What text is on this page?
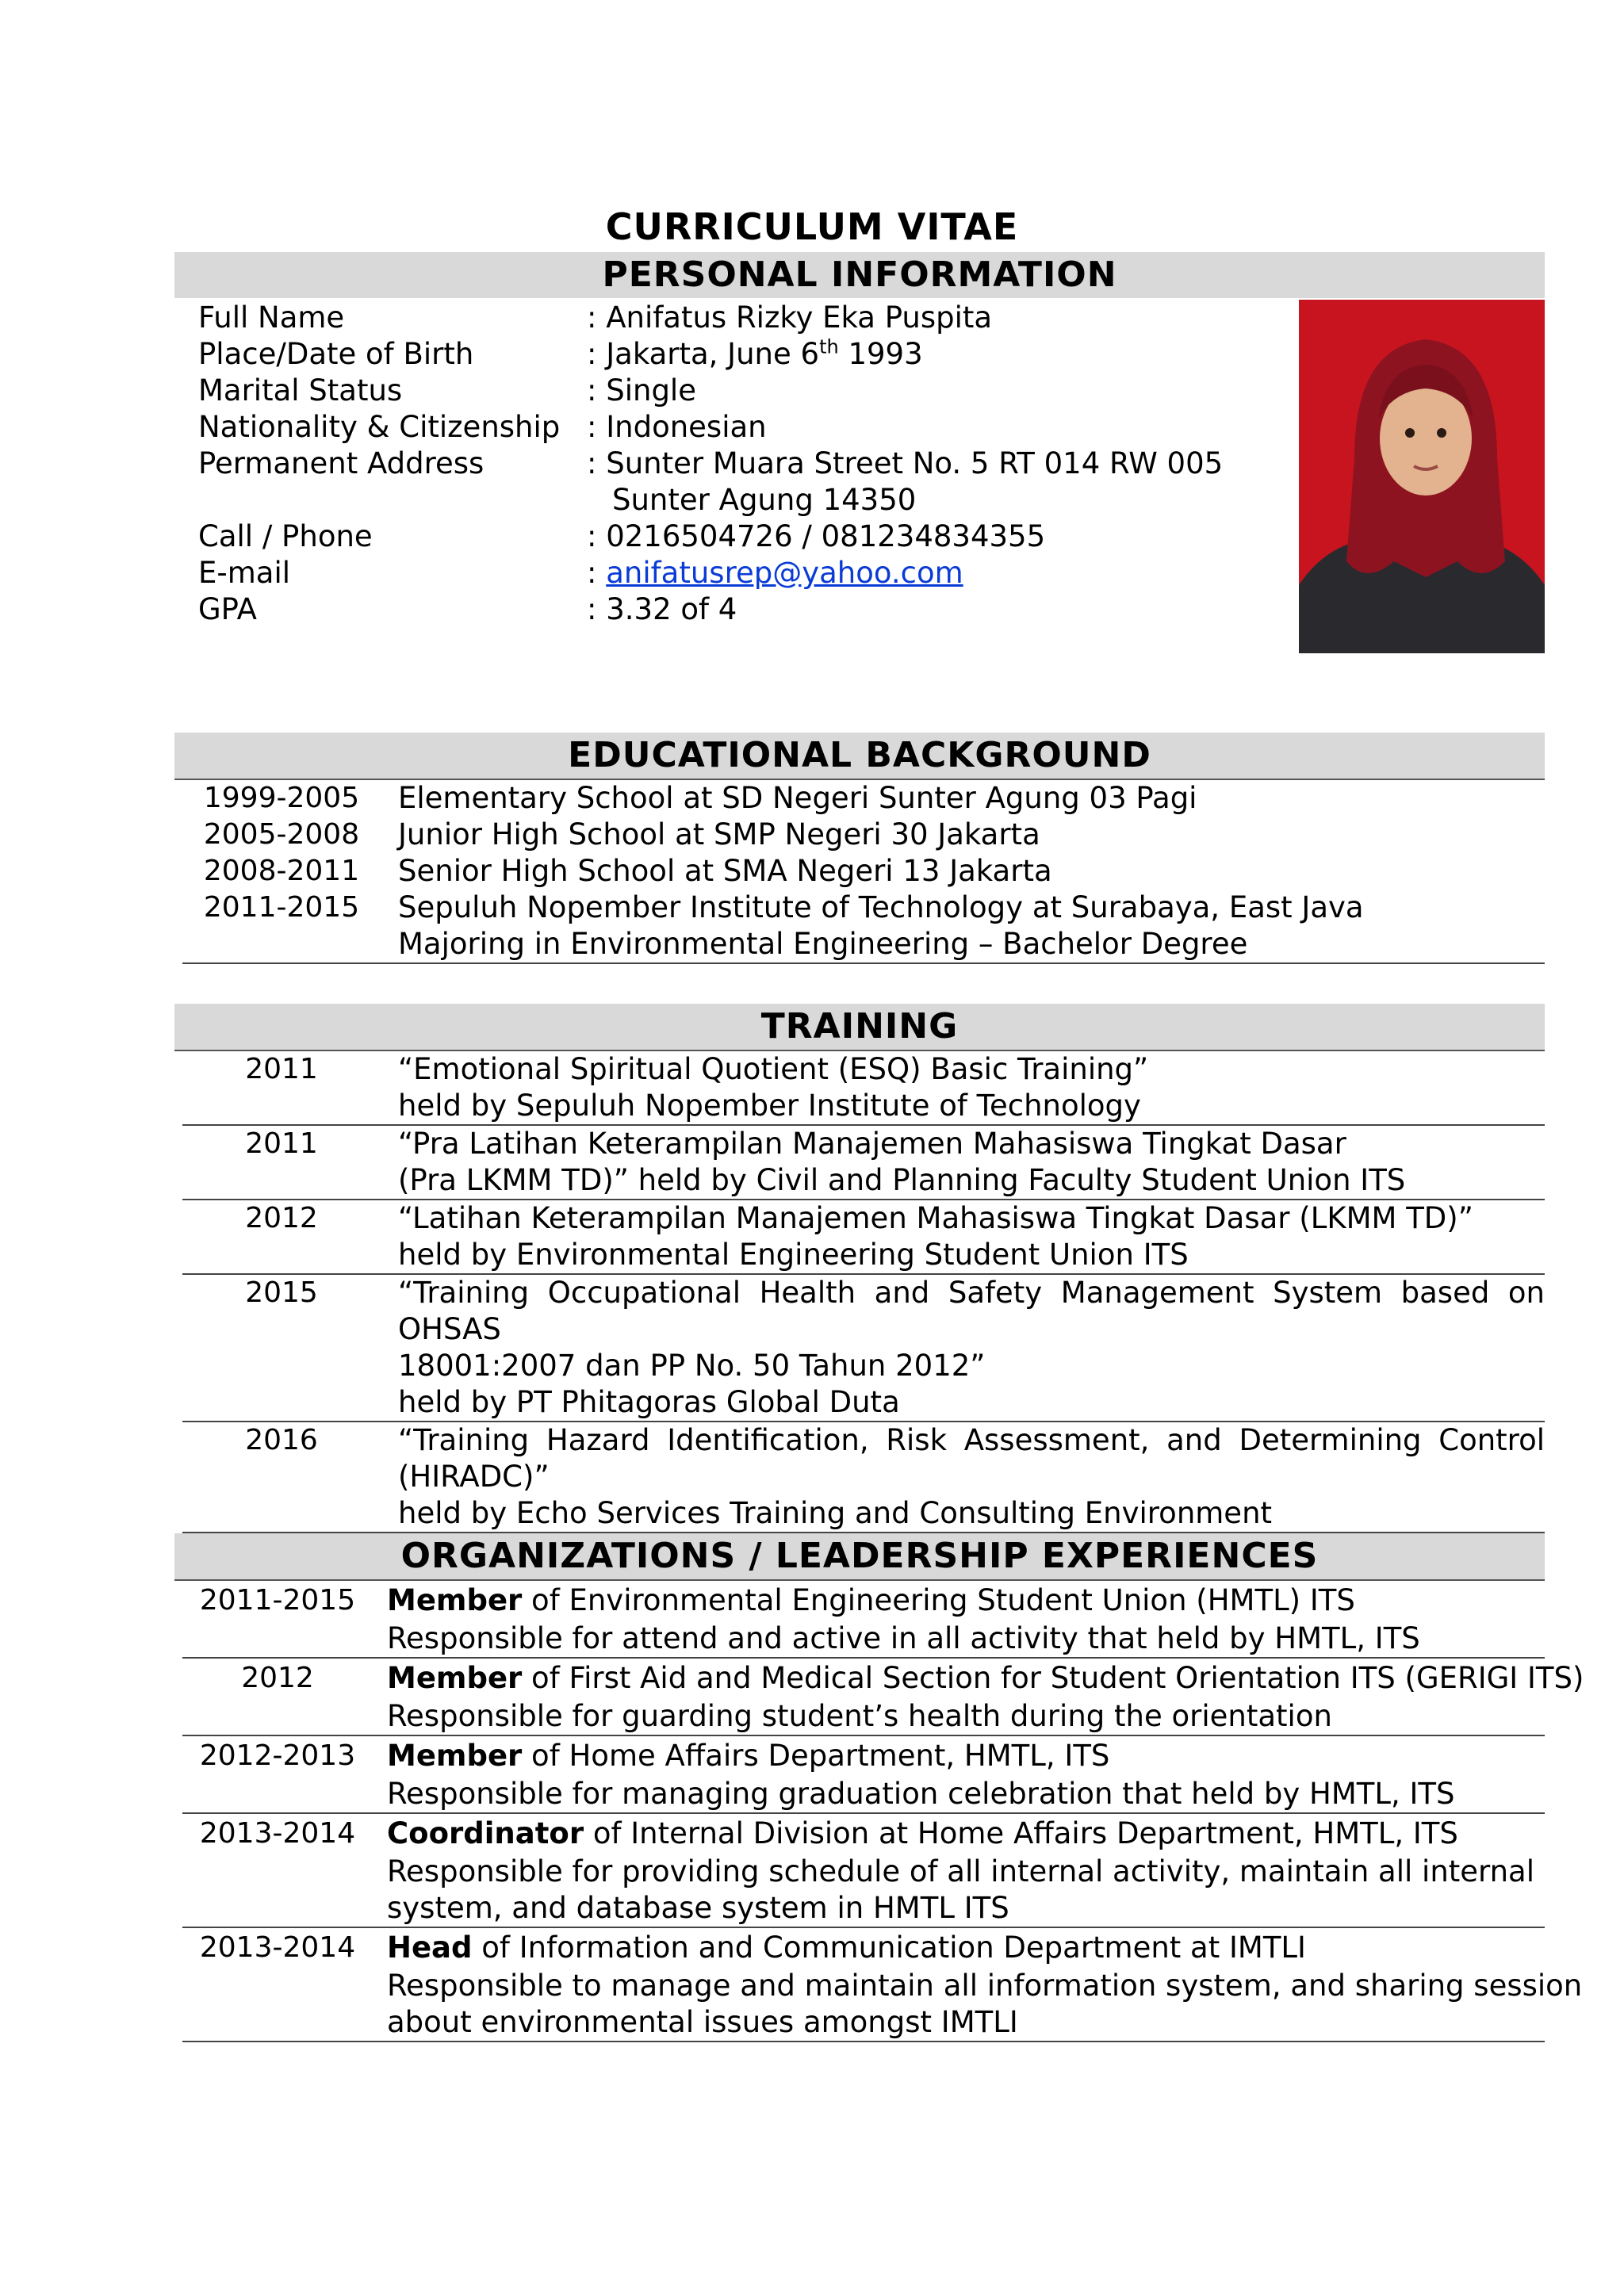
CURRICULUM VITAE
PERSONAL INFORMATION
Full Name	: Anifatus Rizky Eka Puspita
Place/Date of Birth	: Jakarta, June 6th 1993
Marital Status	: Single
Nationality & Citizenship : Indonesian
Permanent Address	: Sunter Muara Street No. 5 RT 014 RW 005
Sunter Agung 14350
Call / Phone	: 0216504726 / 081234834355
E-mail	: anifatusrep@yahoo.com
GPA	: 3.32 of 4
EDUCATIONAL BACKGROUND
1999-2005	Elementary School at SD Negeri Sunter Agung 03 Pagi
2005-2008	Junior High School at SMP Negeri 30 Jakarta
2008-2011	Senior High School at SMA Negeri 13 Jakarta
2011-2015	Sepuluh Nopember Institute of Technology at Surabaya, East Java
Majoring in Environmental Engineering – Bachelor Degree
TRAINING
2011	“Emotional Spiritual Quotient (ESQ) Basic Training”
held by Sepuluh Nopember Institute of Technology
2011	“Pra Latihan Keterampilan Manajemen Mahasiswa Tingkat Dasar
(Pra LKMM TD)” held by Civil and Planning Faculty Student Union ITS
2012	“Latihan Keterampilan Manajemen Mahasiswa Tingkat Dasar (LKMM TD)”
held by Environmental Engineering Student Union ITS
2015	“Training Occupational Health and Safety Management System based on OHSAS
18001:2007 dan PP No. 50 Tahun 2012”
held by PT Phitagoras Global Duta
2016	“Training Hazard Identification, Risk Assessment, and Determining Control
(HIRADC)”
held by Echo Services Training and Consulting Environment
ORGANIZATIONS / LEADERSHIP EXPERIENCES
2011-2015	Member of Environmental Engineering Student Union (HMTL) ITS
Responsible for attend and active in all activity that held by HMTL, ITS
2012	Member of First Aid and Medical Section for Student Orientation ITS (GERIGI ITS)
Responsible for guarding student’s health during the orientation
2012-2013	Member of Home Affairs Department, HMTL, ITS
Responsible for managing graduation celebration that held by HMTL, ITS
2013-2014	Coordinator of Internal Division at Home Affairs Department, HMTL, ITS
Responsible for providing schedule of all internal activity, maintain all internal
system, and database system in HMTL ITS
2013-2014	Head of Information and Communication Department at IMTLI
Responsible to manage and maintain all information system, and sharing session
about environmental issues amongst IMTLI
